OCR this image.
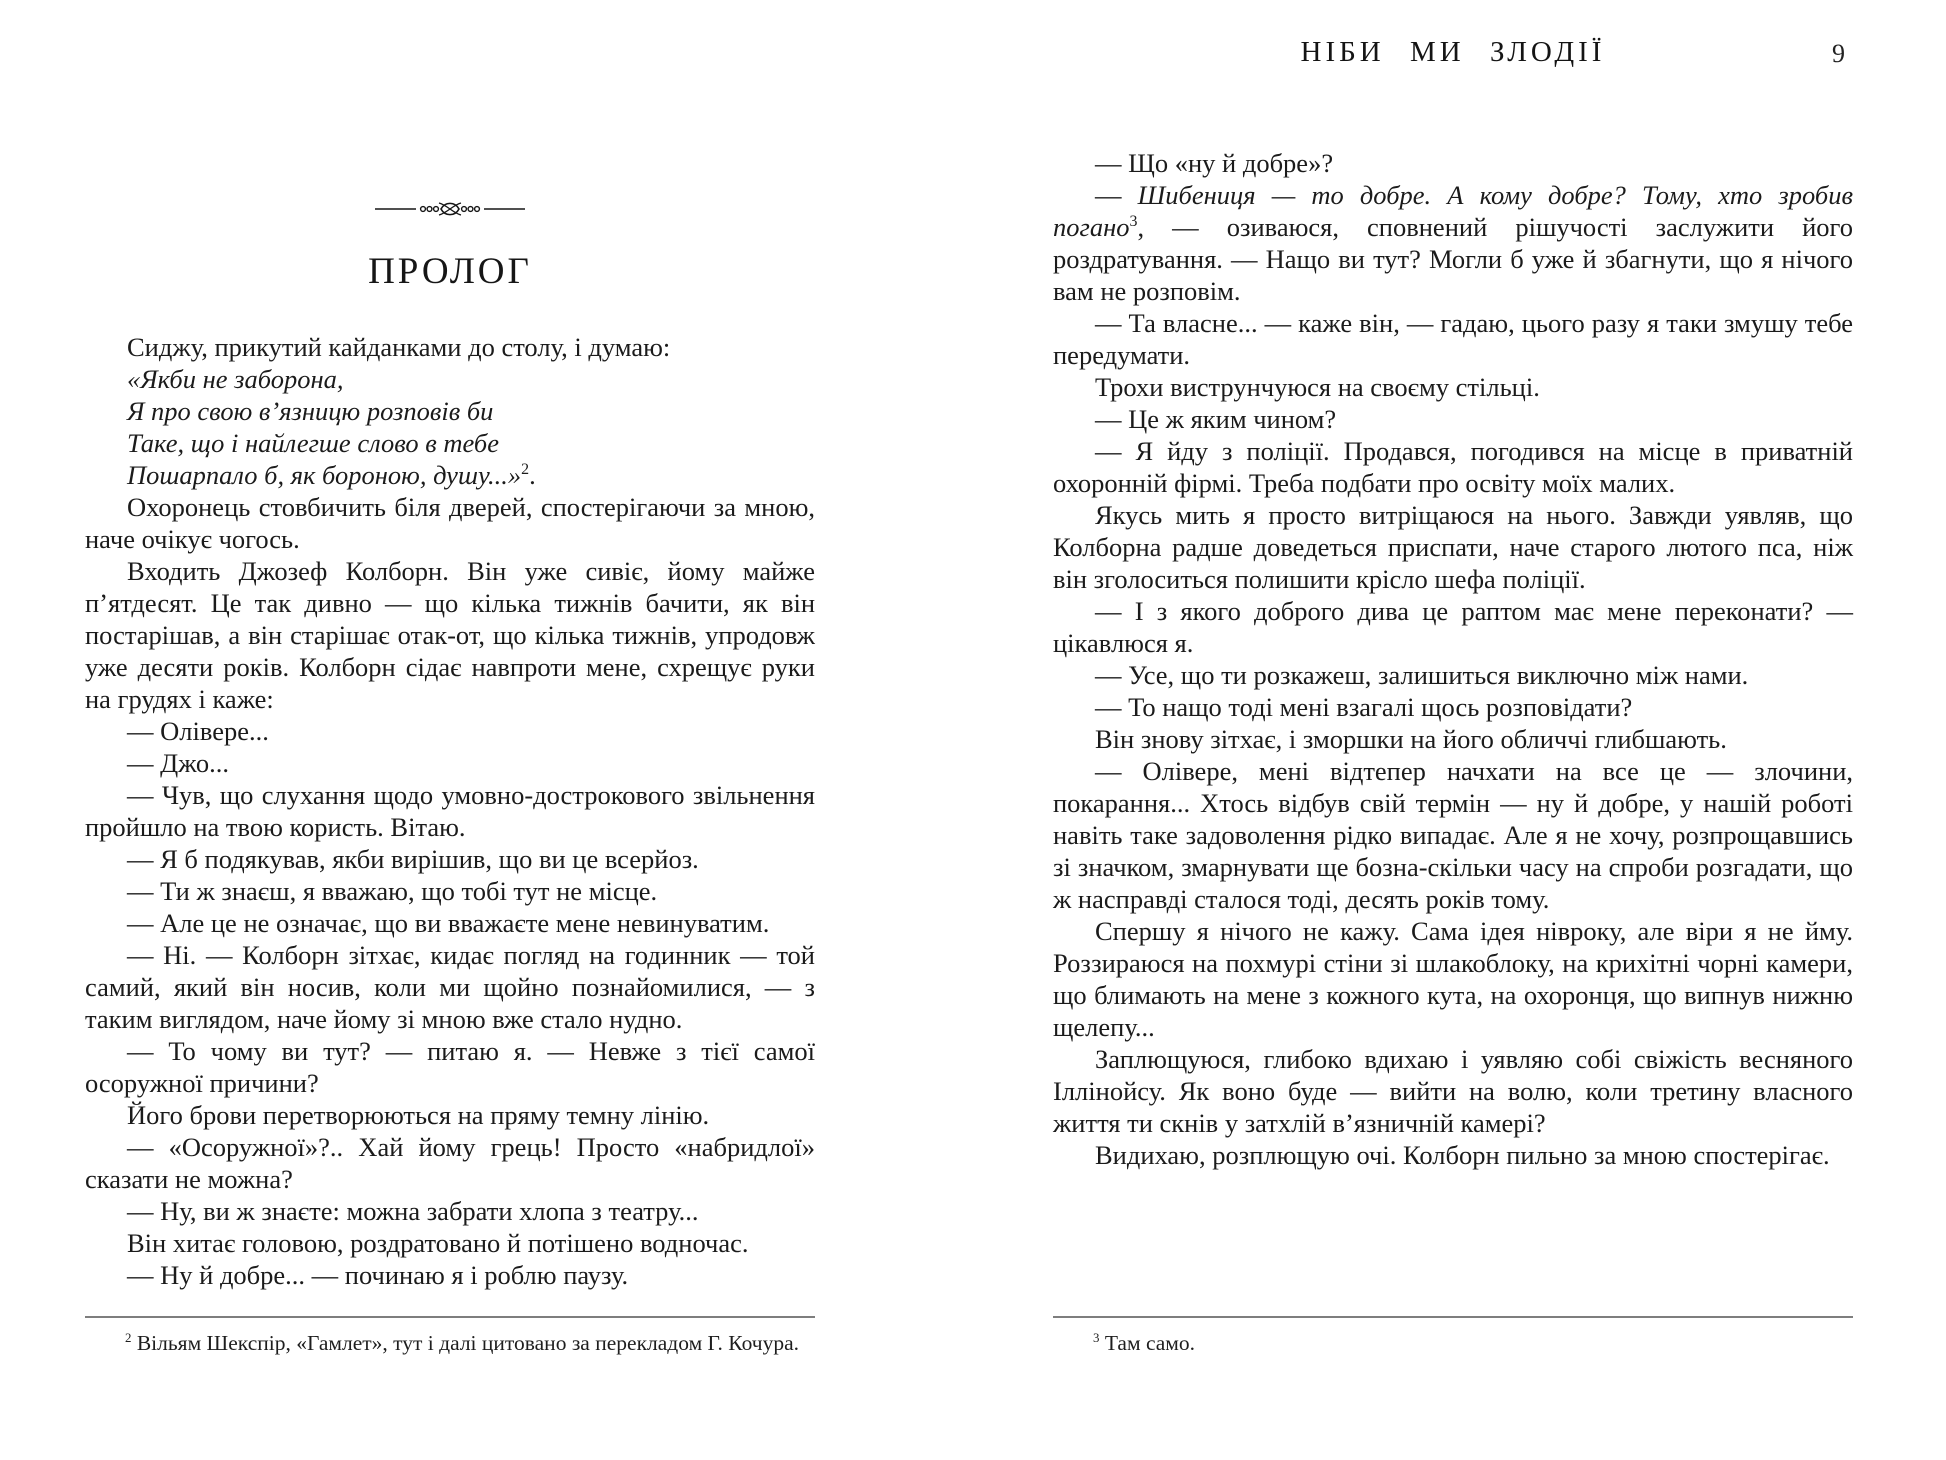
ПРОЛОГ

Сиджу, прикутий кайданками до столу, і думаю:

«Якби не заборона,

Я про свою в’язницю розповів би

Таке, що і найлегше слово в тебе

Пошарпало б, як бороною, душу...»$^2$.

Охоронець стовбичить біля дверей, спостерігаючи за мною, наче очікує чогось.

Входить Джозеф Колборн. Він уже сивіє, йому майже п’ятдесят. Це так дивно — що кілька тижнів бачити, як він постарішав, а він старішає отак-от, що кілька тижнів, упродовж уже десяти років. Колборн сідає навпроти мене, схрещує руки на грудях і каже:

— Олівере...

— Джо...

— Чув, що слухання щодо умовно-дострокового звільнення пройшло на твою користь. Вітаю.

— Я б подякував, якби вирішив, що ви це всерйоз.

— Ти ж знаєш, я вважаю, що тобі тут не місце.

— Але це не означає, що ви вважаєте мене невинуватим.

— Ні. — Колборн зітхає, кидає погляд на годинник — той самий, який він носив, коли ми щойно познайомилися, — з таким виглядом, наче йому зі мною вже стало нудно.

— То чому ви тут? — питаю я. — Невже з тієї самої осоружної причини?

Його брови перетворюються на пряму темну лінію.

— «Осоружної»?.. Хай йому грець! Просто «набридлої» сказати не можна?

— Ну, ви ж знаєте: можна забрати хлопа з театру...

Він хитає головою, роздратовано й потішено водночас.

— Ну й добре... — починаю я і роблю паузу.

$^2$ Вільям Шекспір, «Гамлет», тут і далі цитовано за перекладом Г. Кочура.

НІБИ МИ ЗЛОДІЇ	9

— Що «ну й добре»?

— Шибениця — то добре. А кому добре? Тому, хто зробив погано$^3$, — озиваюся, сповнений рішучості заслужити його роздратування. — Нащо ви тут? Могли б уже й збагнути, що я нічого вам не розповім.

— Та власне... — каже він, — гадаю, цього разу я таки змушу тебе передумати.

Трохи виструнчуюся на своєму стільці.

— Це ж яким чином?

— Я йду з поліції. Продався, погодився на місце в приватній охоронній фірмі. Треба подбати про освіту моїх малих.

Якусь мить я просто витріщаюся на нього. Завжди уявляв, що Колборна радше доведеться приспати, наче старого лютого пса, ніж він зголоситься полишити крісло шефа поліції.

— І з якого доброго дива це раптом має мене переконати? — цікавлюся я.

— Усе, що ти розкажеш, залишиться виключно між нами.

— То нащо тоді мені взагалі щось розповідати?

Він знову зітхає, і зморшки на його обличчі глибшають.

— Олівере, мені відтепер начхати на все це — злочини, покарання... Хтось відбув свій термін — ну й добре, у нашій роботі навіть таке задоволення рідко випадає. Але я не хочу, розпрощавшись зі значком, змарнувати ще бозна-скільки часу на спроби розгадати, що ж насправді сталося тоді, десять років тому.

Спершу я нічого не кажу. Сама ідея нівроку, але віри я не йму. Роззираюся на похмурі стіни зі шлакоблоку, на крихітні чорні камери, що блимають на мене з кожного кута, на охоронця, що випнув нижню щелепу...

Заплющуюся, глибоко вдихаю і уявляю собі свіжість весняного Іллінойсу. Як воно буде — вийти на волю, коли третину власного життя ти скнів у затхлій в’язничній камері?

Видихаю, розплющую очі. Колборн пильно за мною спостерігає.

$^3$ Там само.
